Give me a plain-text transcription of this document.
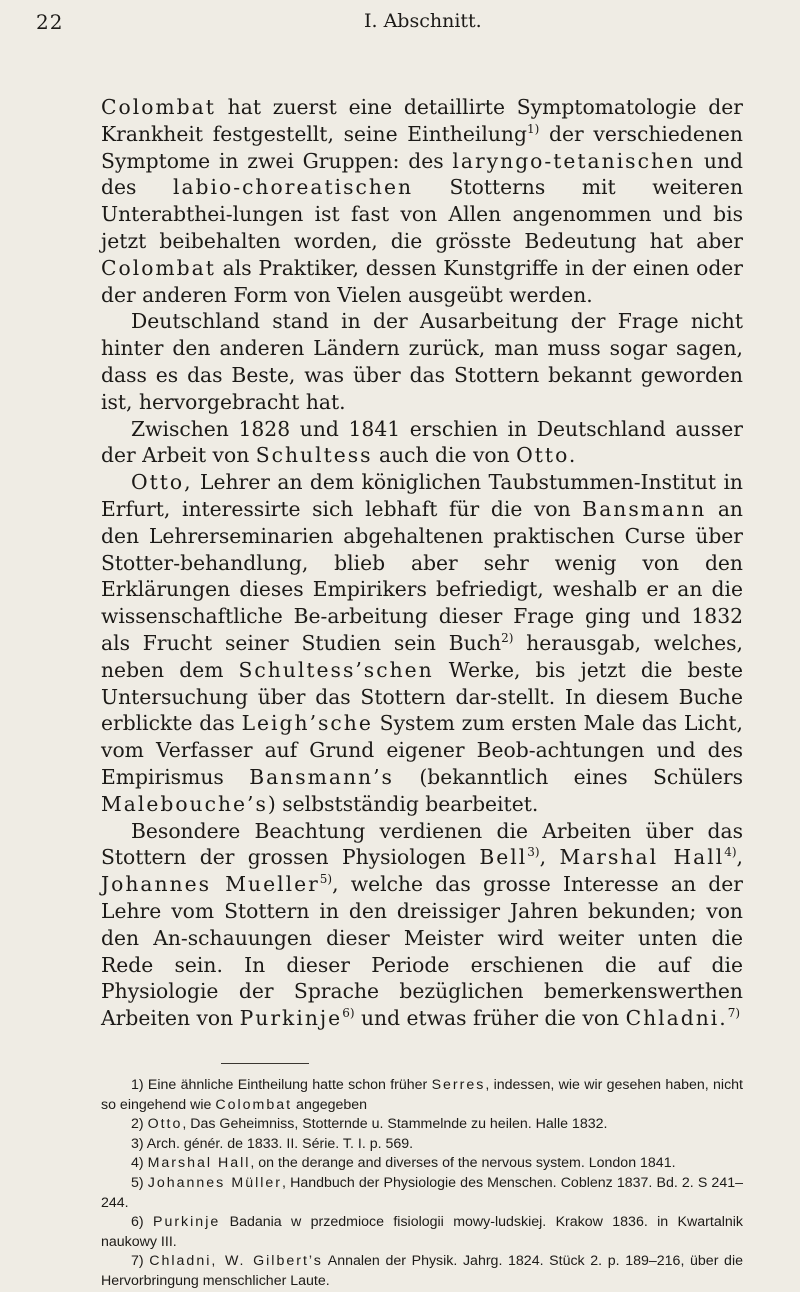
22	I. Abschnitt.

Colombat hat zuerst eine detaillirte Symptomatologie der Krankheit festgestellt, seine Eintheilung$^{1)}$ der verschiedenen Symptome in zwei Gruppen: des laryngo-tetanischen und des labio-choreatischen Stotterns mit weiteren Unterabthei-lungen ist fast von Allen angenommen und bis jetzt beibehalten worden, die grösste Bedeutung hat aber Colombat als Praktiker, dessen Kunstgriffe in der einen oder der anderen Form von Vielen ausgeübt werden.

Deutschland stand in der Ausarbeitung der Frage nicht hinter den anderen Ländern zurück, man muss sogar sagen, dass es das Beste, was über das Stottern bekannt geworden ist, hervorgebracht hat.

Zwischen 1828 und 1841 erschien in Deutschland ausser der Arbeit von Schultess auch die von Otto.

Otto, Lehrer an dem königlichen Taubstummen-Institut in Erfurt, interessirte sich lebhaft für die von Bansmann an den Lehrerseminarien abgehaltenen praktischen Curse über Stotter-behandlung, blieb aber sehr wenig von den Erklärungen dieses Empirikers befriedigt, weshalb er an die wissenschaftliche Be-arbeitung dieser Frage ging und 1832 als Frucht seiner Studien sein Buch$^{2)}$ herausgab, welches, neben dem Schultess’schen Werke, bis jetzt die beste Untersuchung über das Stottern dar-stellt. In diesem Buche erblickte das Leigh’sche System zum ersten Male das Licht, vom Verfasser auf Grund eigener Beob-achtungen und des Empirismus Bansmann’s (bekanntlich eines Schülers Malebouche’s) selbstständig bearbeitet.

Besondere Beachtung verdienen die Arbeiten über das Stottern der grossen Physiologen Bell$^{3)}$, Marshal Hall$^{4)}$, Johannes Mueller$^{5)}$, welche das grosse Interesse an der Lehre vom Stottern in den dreissiger Jahren bekunden; von den An-schauungen dieser Meister wird weiter unten die Rede sein. In dieser Periode erschienen die auf die Physiologie der Sprache bezüglichen bemerkenswerthen Arbeiten von Purkinje$^{6)}$ und etwas früher die von Chladni.$^{7)}$

1) Eine ähnliche Eintheilung hatte schon früher Serres, indessen, wie wir gesehen haben, nicht so eingehend wie Colombat angegeben

2) Otto, Das Geheimniss, Stotternde u. Stammelnde zu heilen. Halle 1832.

3) Arch. génér. de 1833. II. Série. T. I. p. 569.

4) Marshal Hall, on the derange and diverses of the nervous system. London 1841.

5) Johannes Müller, Handbuch der Physiologie des Menschen. Coblenz 1837. Bd. 2. S 241–244.

6) Purkinje Badania w przedmioce fisiologii mowy-ludskiej. Krakow 1836. in Kwartalnik naukowy III.

7) Chladni, W. Gilbert’s Annalen der Physik. Jahrg. 1824. Stück 2. p. 189–216, über die Hervorbringung menschlicher Laute.
